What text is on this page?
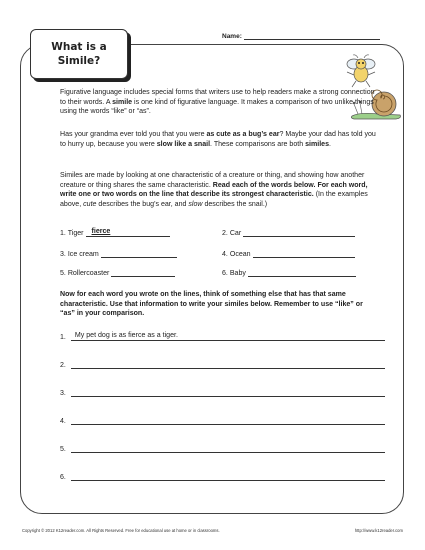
What is a Simile?
Name:

Figurative language includes special forms that writers use to help readers make a strong connection to their words. A simile is one kind of figurative language. It makes a comparison of two unlike things using the words “like” or “as”.

Has your grandma ever told you that you were as cute as a bug’s ear? Maybe your dad has told you to hurry up, because you were slow like a snail. These comparisons are both similes.

Similes are made by looking at one characteristic of a creature or thing, and showing how another creature or thing shares the same characteristic. Read each of the words below. For each word, write one or two words on the line that describe its strongest characteristic. (In the examples above, cute describes the bug’s ear, and slow describes the snail.)

1. Tiger fierce	2. Car
3. Ice cream	4. Ocean
5. Rollercoaster	6. Baby

Now for each word you wrote on the lines, think of something else that has that same characteristic. Use that information to write your similes below. Remember to use “like” or “as” in your comparison.

1. My pet dog is as fierce as a tiger.
2.
3.
4.
5.
6.
Copyright © 2012 K12reader.com. All Rights Reserved. Free for educational use at home or in classrooms.	http://www.k12reader.com
